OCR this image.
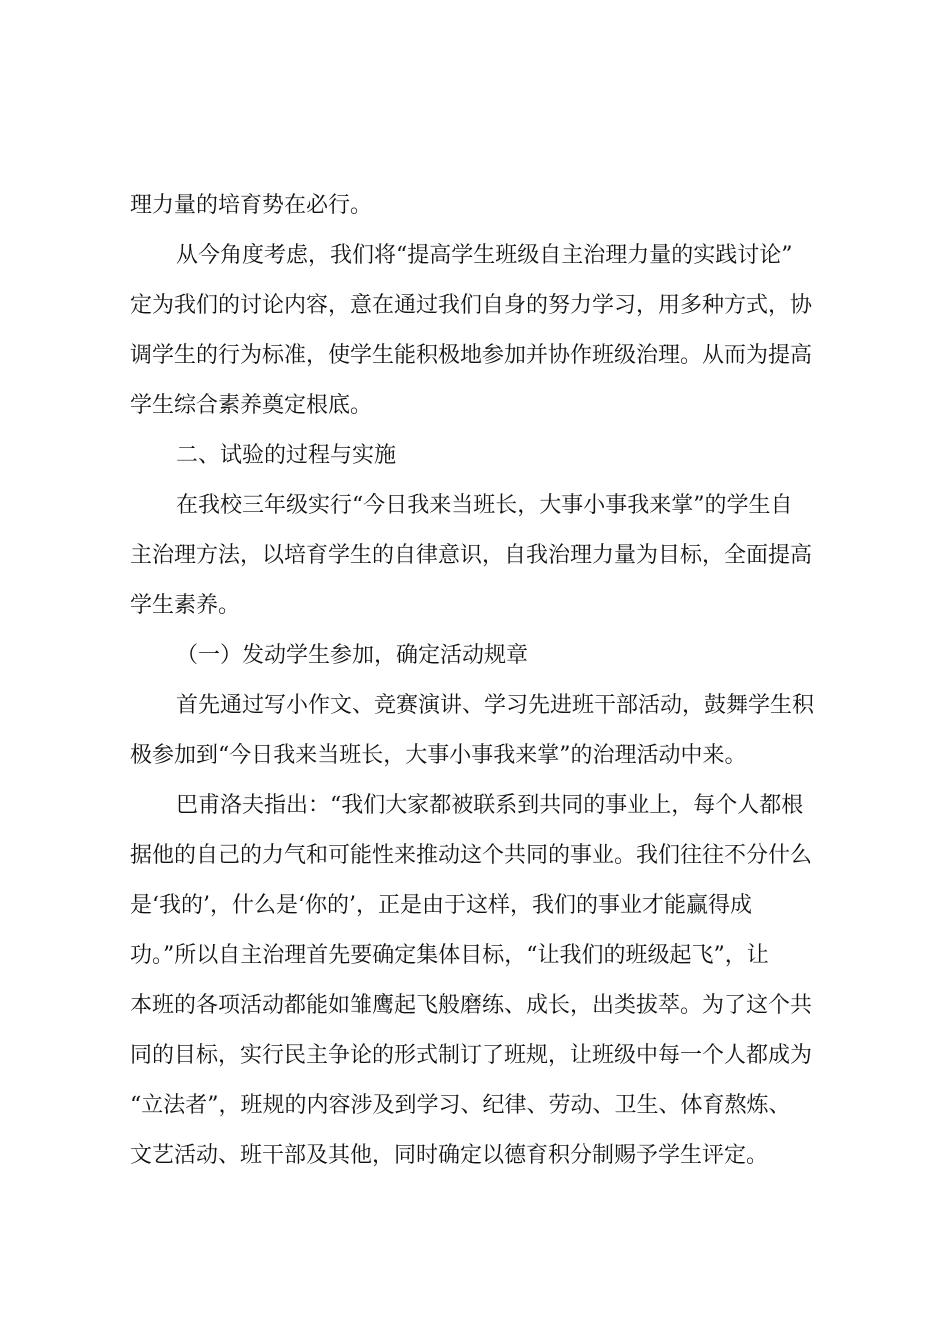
理力量的培育势在必行。
从今角度考虑，我们将“提高学生班级自主治理力量的实践讨论”
定为我们的讨论内容，意在通过我们自身的努力学习，用多种方式，协
调学生的行为标准，使学生能积极地参加并协作班级治理。从而为提高
学生综合素养奠定根底。
二、试验的过程与实施
在我校三年级实行“今日我来当班长，大事小事我来掌”的学生自
主治理方法，以培育学生的自律意识，自我治理力量为目标，全面提高
学生素养。
（一）发动学生参加，确定活动规章
首先通过写小作文、竞赛演讲、学习先进班干部活动，鼓舞学生积
极参加到“今日我来当班长，大事小事我来掌”的治理活动中来。
巴甫洛夫指出：“我们大家都被联系到共同的事业上，每个人都根
据他的自己的力气和可能性来推动这个共同的事业。我们往往不分什么
是‘我的’，什么是‘你的’，正是由于这样，我们的事业才能赢得成
功。”所以自主治理首先要确定集体目标，“让我们的班级起飞”，让
本班的各项活动都能如雏鹰起飞般磨练、成长，出类拔萃。为了这个共
同的目标，实行民主争论的形式制订了班规，让班级中每一个人都成为
“立法者”，班规的内容涉及到学习、纪律、劳动、卫生、体育熬炼、
文艺活动、班干部及其他，同时确定以德育积分制赐予学生评定。
